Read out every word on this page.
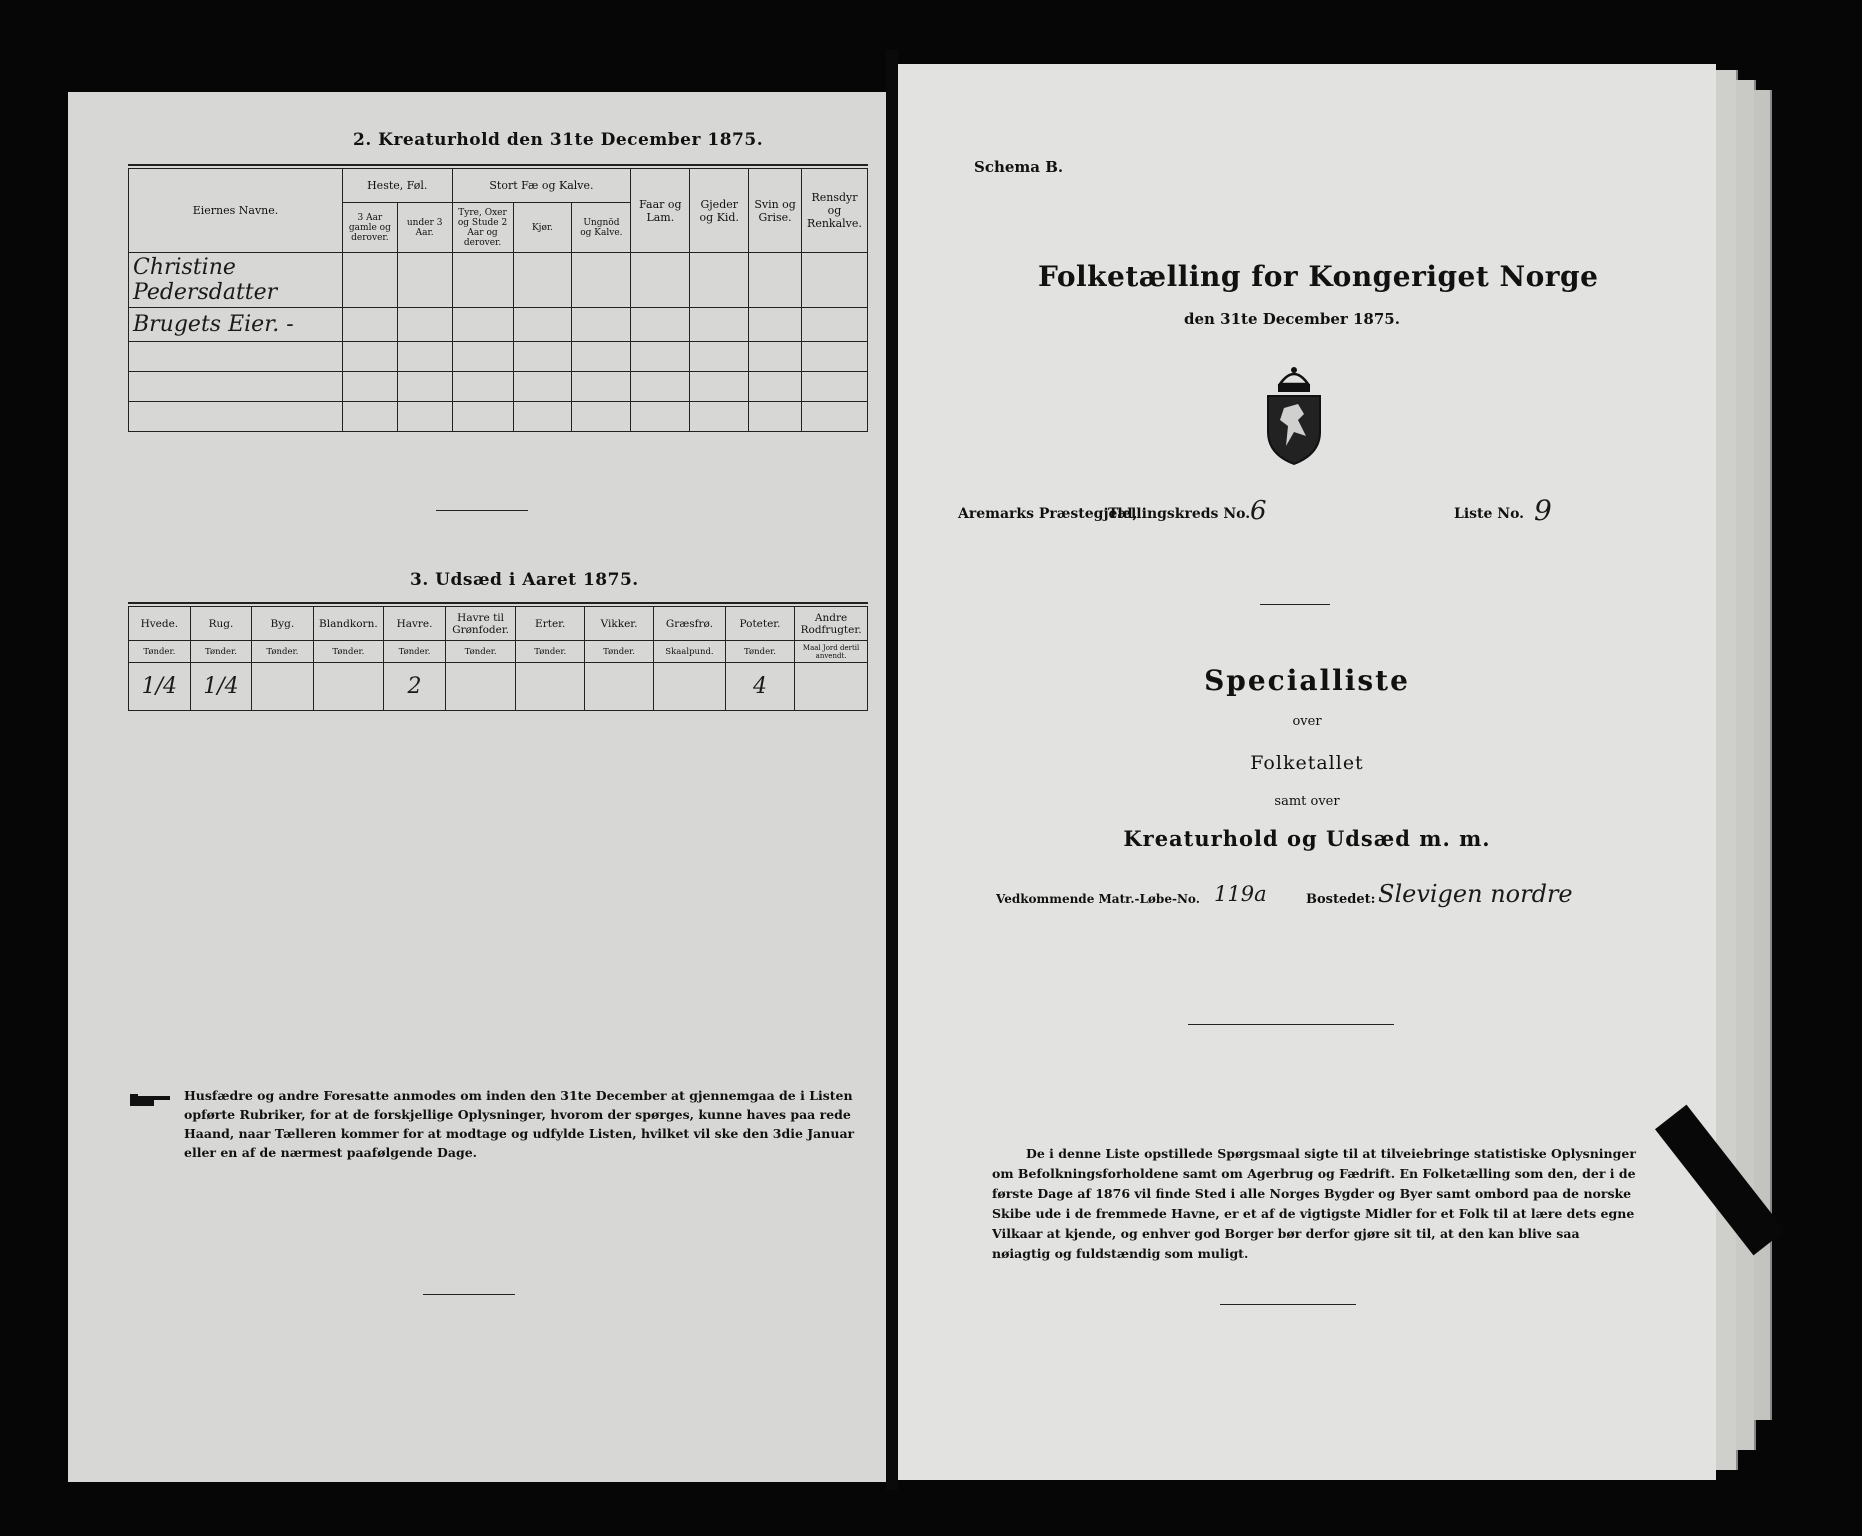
2. Kreaturhold den 31te December 1875.
Eiernes Navne.	Heste, Føl.		Stort Fæ og Kalve.			Faar og Lam.	Gjeder og Kid.	Svin og Grise.	Rensdyr og Renkalve.
	3 Aar gamle og derover.	under 3 Aar.	Tyre, Oxer og Stude 2 Aar og derover.	Kjør.	Ungnöd og Kalve.				
Christine Pedersdatter									
Brugets Eier. -									

3. Udsæd i Aaret 1875.
Hvede.	Rug.	Byg.	Blandkorn.	Havre.	Havre til Grønfoder.	Erter.	Vikker.	Græsfrø.	Poteter.	Andre Rodfrugter.
Tønder.	Tønder.	Tønder.	Tønder.	Tønder.	Tønder.	Tønder.	Tønder.	Skaalpund.	Tønder.	Maal Jord dertil anvendt.
1/4	1/4			2					4	
Husfædre og andre Foresatte anmodes om inden den 31te December at gjennemgaa de i Listen opførte Rubriker, for at de forskjellige Oplysninger, hvorom der spørges, kunne haves paa rede Haand, naar Tælleren kommer for at modtage og udfylde Listen, hvilket vil ske den 3die Januar eller en af de nærmest paafølgende Dage.
Schema B.
Folketælling for Kongeriget Norge
den 31te December 1875.
Aremarks Præstegjeld,
Tællingskreds No. 6	Liste No. 9
Specialliste
over
Folketallet
samt over
Kreaturhold og Udsæd m. m.
Vedkommende Matr.-Løbe-No. 119a	Bostedet: Slevigen nordre
De i denne Liste opstillede Spørgsmaal sigte til at tilveiebringe statistiske Oplysninger om Befolkningsforholdene samt om Agerbrug og Fædrift. En Folketælling som den, der i de første Dage af 1876 vil finde Sted i alle Norges Bygder og Byer samt ombord paa de norske Skibe ude i de fremmede Havne, er et af de vigtigste Midler for et Folk til at lære dets egne Vilkaar at kjende, og enhver god Borger bør derfor gjøre sit til, at den kan blive saa nøiagtig og fuldstændig som muligt.
